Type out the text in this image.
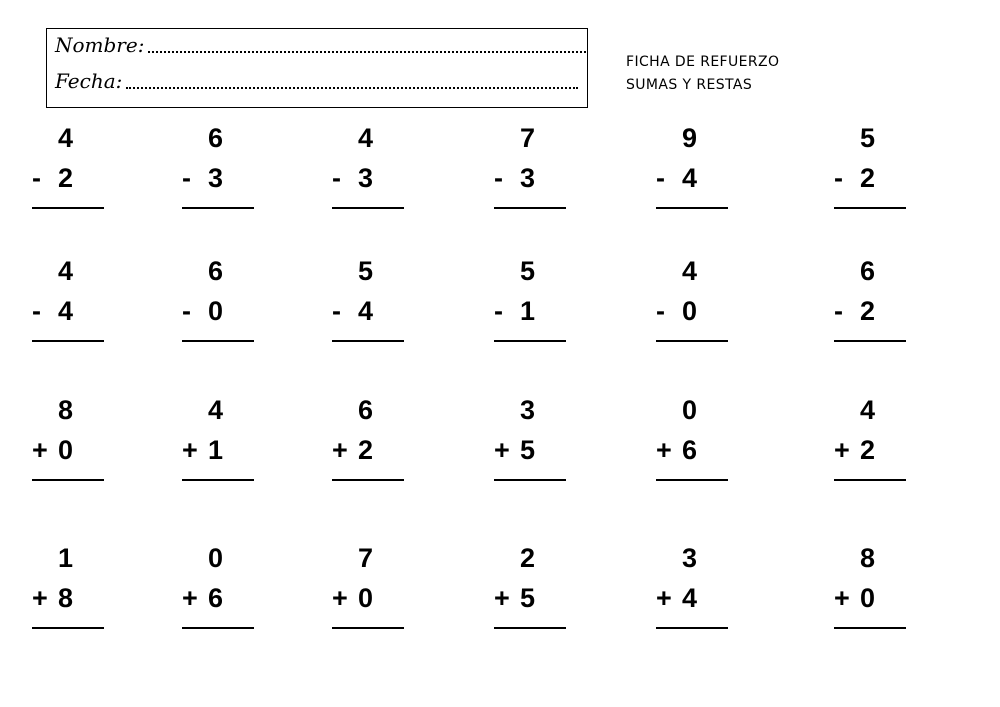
Nombre:
Fecha:
FICHA DE REFUERZO
SUMAS Y RESTAS
4
- 2
6
- 3
4
- 3
7
- 3
9
- 4
5
- 2
4
- 4
6
- 0
5
- 4
5
- 1
4
- 0
6
- 2
8
+ 0
4
+ 1
6
+ 2
3
+ 5
0
+ 6
4
+ 2
1
+ 8
0
+ 6
7
+ 0
2
+ 5
3
+ 4
8
+ 0
